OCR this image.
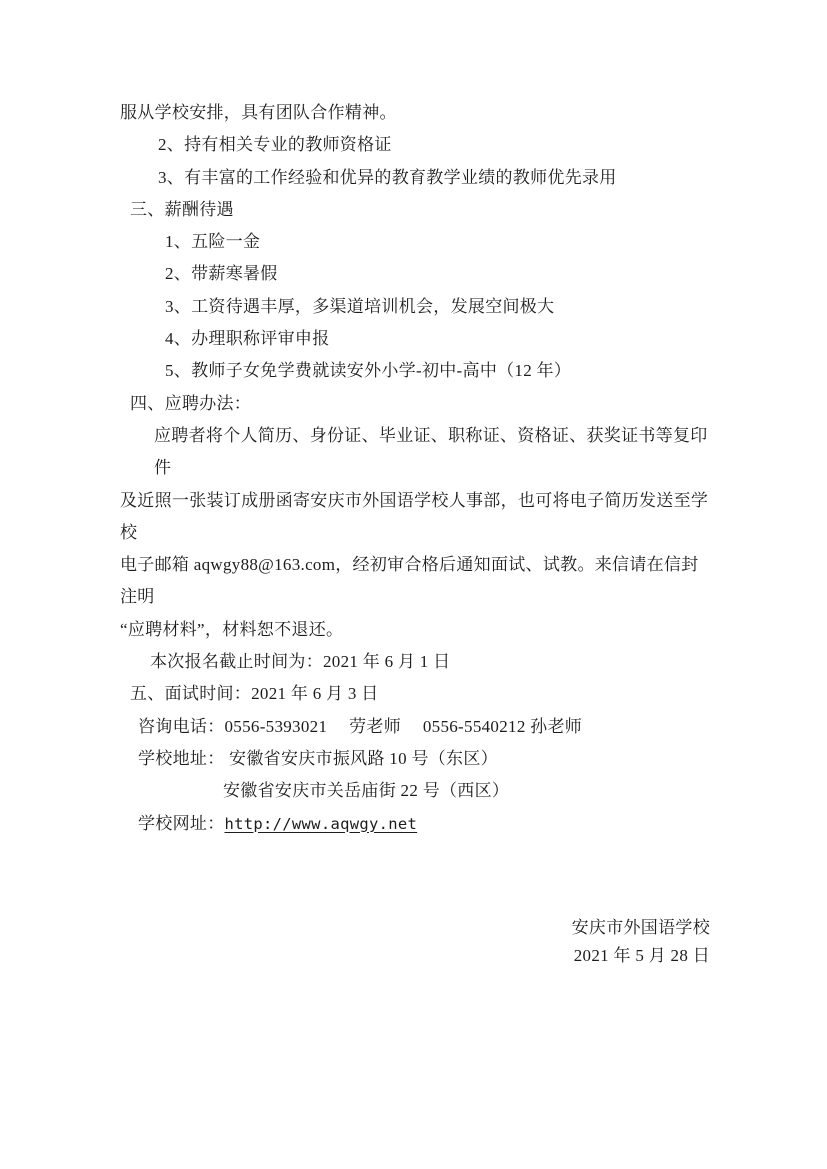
服从学校安排，具有团队合作精神。
2、持有相关专业的教师资格证
3、有丰富的工作经验和优异的教育教学业绩的教师优先录用
三、薪酬待遇
1、五险一金
2、带薪寒暑假
3、工资待遇丰厚，多渠道培训机会，发展空间极大
4、办理职称评审申报
5、教师子女免学费就读安外小学-初中-高中（12 年）
四、应聘办法：
应聘者将个人简历、身份证、毕业证、职称证、资格证、获奖证书等复印件
及近照一张装订成册函寄安庆市外国语学校人事部，也可将电子简历发送至学校
电子邮箱 aqwgy88@163.com，经初审合格后通知面试、试教。来信请在信封注明
“应聘材料”，材料恕不退还。
本次报名截止时间为：2021 年 6 月 1 日
五、面试时间：2021 年 6 月 3 日
咨询电话：0556-5393021　 劳老师　 0556-5540212 孙老师
学校地址： 安徽省安庆市振风路 10 号（东区）
安徽省安庆市关岳庙街 22 号（西区）
学校网址：http://www.aqwgy.net
安庆市外国语学校
2021 年 5 月 28 日
